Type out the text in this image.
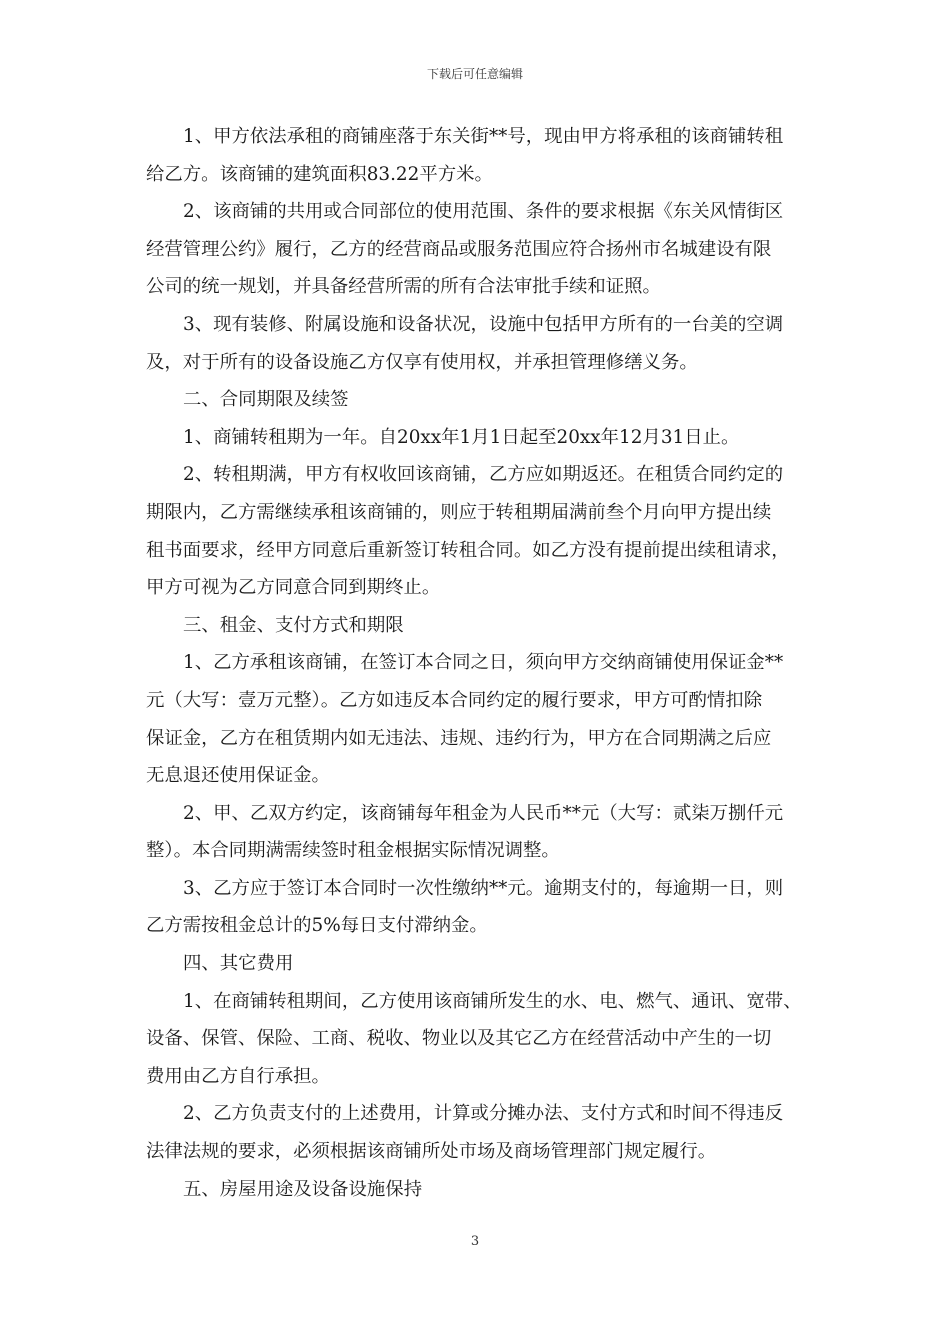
下载后可任意编辑
1、甲方依法承租的商铺座落于东关街**号，现由甲方将承租的该商铺转租
给乙方。该商铺的建筑面积83.22平方米。
2、该商铺的共用或合同部位的使用范围、条件的要求根据《东关风情街区
经营管理公约》履行，乙方的经营商品或服务范围应符合扬州市名城建设有限
公司的统一规划，并具备经营所需的所有合法审批手续和证照。
3、现有装修、附属设施和设备状况，设施中包括甲方所有的一台美的空调
及，对于所有的设备设施乙方仅享有使用权，并承担管理修缮义务。
二、合同期限及续签
1、商铺转租期为一年。自20xx年1月1日起至20xx年12月31日止。
2、转租期满，甲方有权收回该商铺，乙方应如期返还。在租赁合同约定的
期限内，乙方需继续承租该商铺的，则应于转租期届满前叁个月向甲方提出续
租书面要求，经甲方同意后重新签订转租合同。如乙方没有提前提出续租请求，
甲方可视为乙方同意合同到期终止。
三、租金、支付方式和期限
1、乙方承租该商铺，在签订本合同之日，须向甲方交纳商铺使用保证金**
元（大写：壹万元整）。乙方如违反本合同约定的履行要求，甲方可酌情扣除
保证金，乙方在租赁期内如无违法、违规、违约行为，甲方在合同期满之后应
无息退还使用保证金。
2、甲、乙双方约定，该商铺每年租金为人民币**元（大写：贰柒万捌仟元
整）。本合同期满需续签时租金根据实际情况调整。
3、乙方应于签订本合同时一次性缴纳**元。逾期支付的，每逾期一日，则
乙方需按租金总计的5%每日支付滞纳金。
四、其它费用
1、在商铺转租期间，乙方使用该商铺所发生的水、电、燃气、通讯、宽带、
设备、保管、保险、工商、税收、物业以及其它乙方在经营活动中产生的一切
费用由乙方自行承担。
2、乙方负责支付的上述费用，计算或分摊办法、支付方式和时间不得违反
法律法规的要求，必须根据该商铺所处市场及商场管理部门规定履行。
五、房屋用途及设备设施保持
3
